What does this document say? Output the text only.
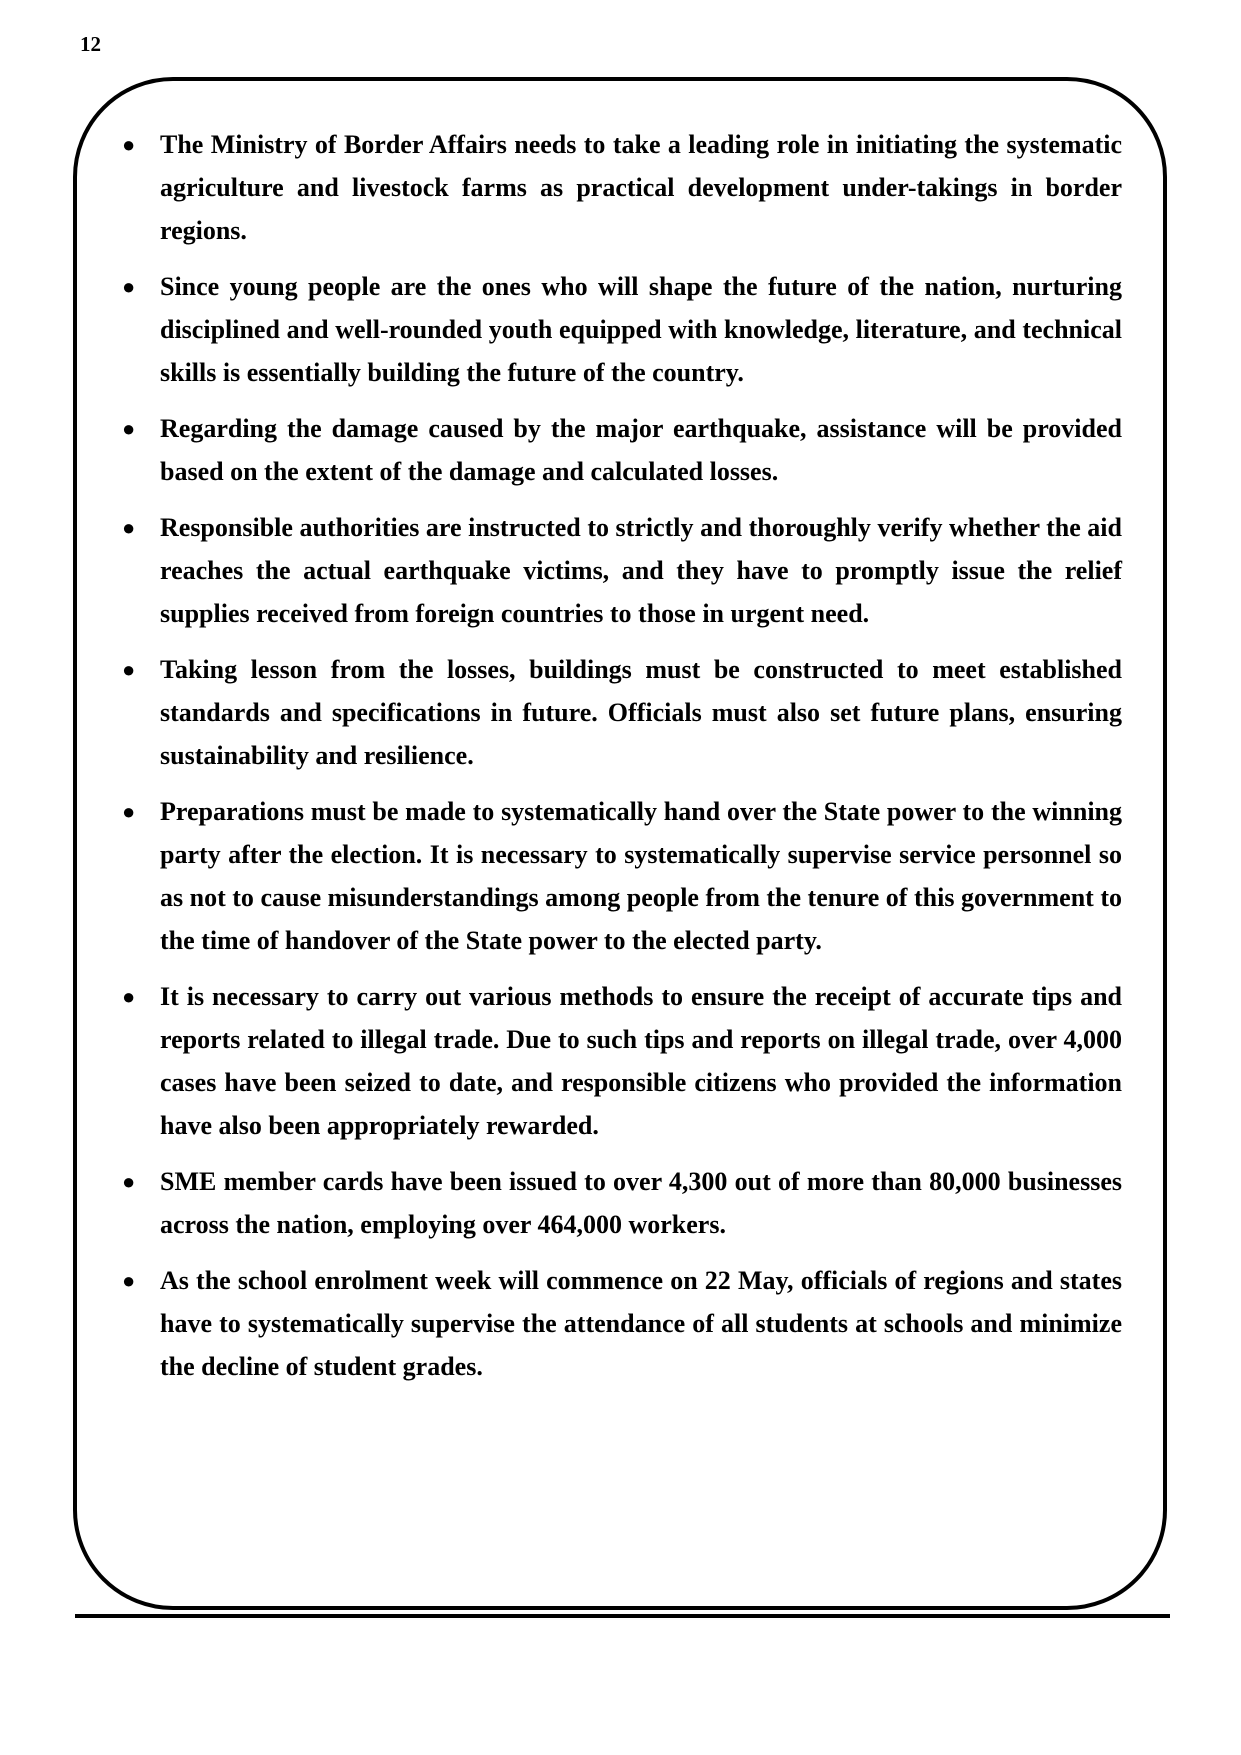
12
● The Ministry of Border Affairs needs to take a leading role in initiating the systematic agriculture and livestock farms as practical development under-takings in border regions.
● Since young people are the ones who will shape the future of the nation, nurturing disciplined and well-rounded youth equipped with knowledge, literature, and technical skills is essentially building the future of the country.
● Regarding the damage caused by the major earthquake, assistance will be provided based on the extent of the damage and calculated losses.
● Responsible authorities are instructed to strictly and thoroughly verify whether the aid reaches the actual earthquake victims, and they have to promptly issue the relief supplies received from foreign countries to those in urgent need.
● Taking lesson from the losses, buildings must be constructed to meet established standards and specifications in future. Officials must also set future plans, ensuring sustainability and resilience.
● Preparations must be made to systematically hand over the State power to the winning party after the election. It is necessary to systematically supervise service personnel so as not to cause misunderstandings among people from the tenure of this government to the time of handover of the State power to the elected party.
● It is necessary to carry out various methods to ensure the receipt of accurate tips and reports related to illegal trade. Due to such tips and reports on illegal trade, over 4,000 cases have been seized to date, and responsible citizens who provided the information have also been appropriately rewarded.
● SME member cards have been issued to over 4,300 out of more than 80,000 businesses across the nation, employing over 464,000 workers.
● As the school enrolment week will commence on 22 May, officials of regions and states have to systematically supervise the attendance of all students at schools and minimize the decline of student grades.
